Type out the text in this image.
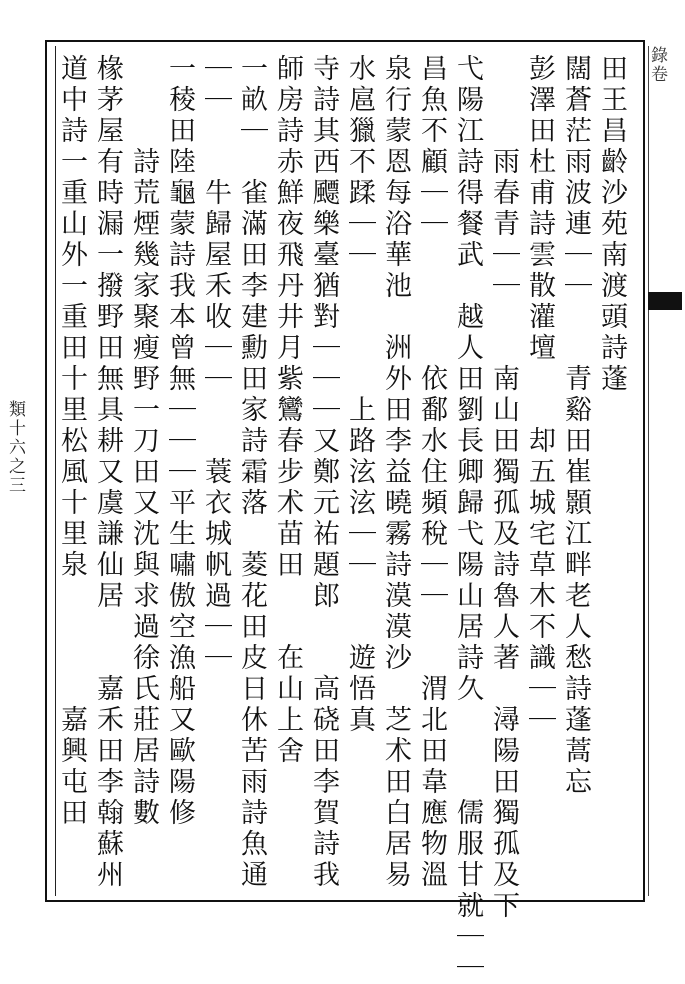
錄卷
類十六之三
田王昌齡沙苑南渡頭詩蓬
闊蒼茫雨波連｜｜　　青谿田崔顥江畔老人愁詩蓬蒿忘
彭澤田杜甫詩雲散灌壇　　却五城宅草木不識｜｜
　　　雨春青｜｜　　南山田獨孤及詩魯人著　潯陽田獨孤及下
弋陽江詩得餐武　越人田劉長卿歸弋陽山居詩久　　　儒服甘就｜｜
昌魚不顧｜｜　　　　依鄱水住頻稅｜｜　　渭北田韋應物溫
泉行蒙恩每浴華池　洲外田李益曉霧詩漠漠沙　芝术田白居易
水扈獵不蹂｜｜　　　　上路泫泫｜｜　　遊悟真
寺詩其西飃樂臺猶對｜｜｜又鄭元祐題郎　　高硗田李賀詩我
師房詩赤鮮夜飛丹井月紫鸞春步术苗田　　在山上舍
一畝｜　雀滿田李建勳田家詩霜落　菱花田皮日休苦雨詩魚通
｜｜　　牛歸屋禾收｜｜　　蓑衣城帆過｜｜
一稜田陸龜蒙詩我本曾無｜｜｜平生嘯傲空漁船又歐陽修
　　　詩荒煙幾家聚瘦野一刀田又沈與求過徐氏莊居詩數
椽茅屋有時漏一撥野田無具耕又虞謙仙居　　嘉禾田李翰蘇州
道中詩一重山外一重田十里松風十里泉　　　　嘉興屯田
